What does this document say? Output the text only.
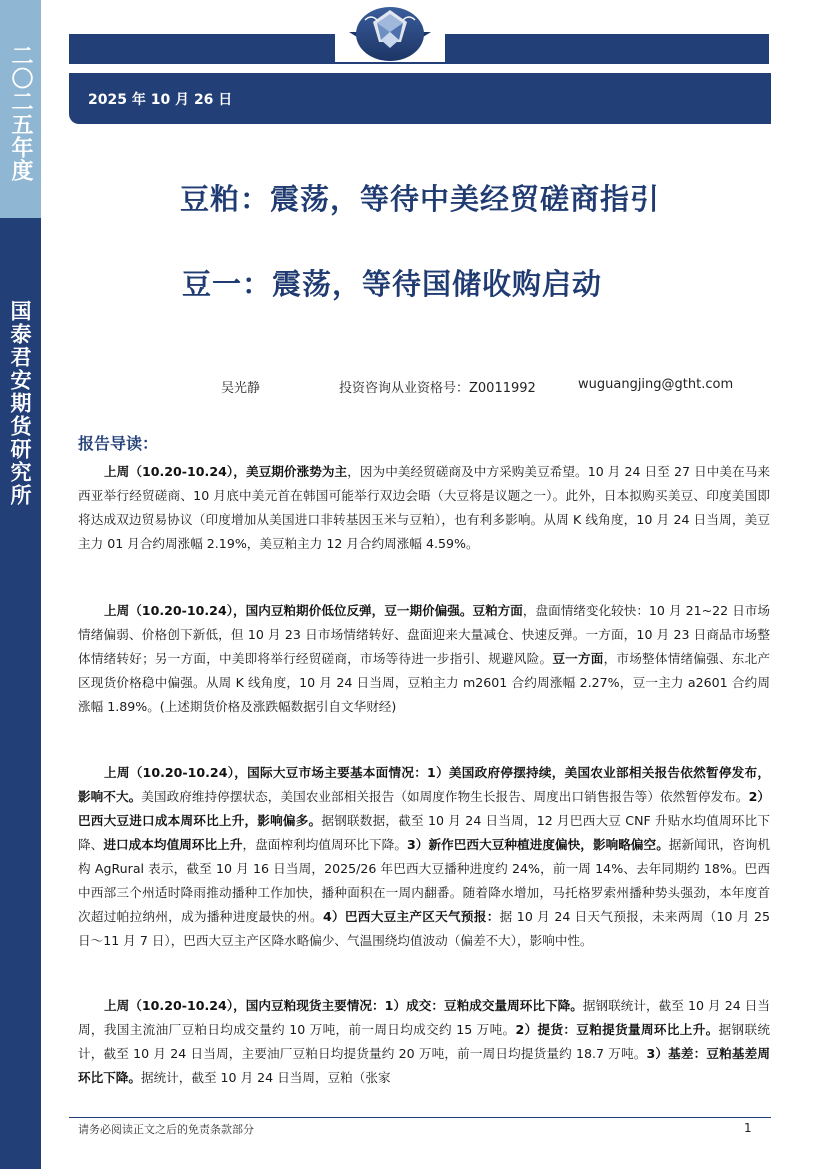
二〇二五年度
国泰君安期货研究所
2025 年 10 月 26 日
豆粕：震荡，等待中美经贸磋商指引
豆一：震荡，等待国储收购启动
吴光静	投资咨询从业资格号：Z0011992	wuguangjing@gtht.com
报告导读：

上周（10.20-10.24），美豆期价涨势为主，因为中美经贸磋商及中方采购美豆希望。10 月 24 日至 27 日中美在马来西亚举行经贸磋商、10 月底中美元首在韩国可能举行双边会晤（大豆将是议题之一）。此外，日本拟购买美豆、印度美国即将达成双边贸易协议（印度增加从美国进口非转基因玉米与豆粕），也有利多影响。从周 K 线角度，10 月 24 日当周，美豆主力 01 月合约周涨幅 2.19%，美豆粕主力 12 月合约周涨幅 4.59%。

上周（10.20-10.24），国内豆粕期价低位反弹，豆一期价偏强。豆粕方面，盘面情绪变化较快：10 月 21~22 日市场情绪偏弱、价格创下新低，但 10 月 23 日市场情绪转好、盘面迎来大量减仓、快速反弹。一方面，10 月 23 日商品市场整体情绪转好；另一方面，中美即将举行经贸磋商，市场等待进一步指引、规避风险。豆一方面，市场整体情绪偏强、东北产区现货价格稳中偏强。从周 K 线角度，10 月 24 日当周，豆粕主力 m2601 合约周涨幅 2.27%，豆一主力 a2601 合约周涨幅 1.89%。(上述期货价格及涨跌幅数据引自文华财经)

上周（10.20-10.24），国际大豆市场主要基本面情况：1）美国政府停摆持续，美国农业部相关报告依然暂停发布，影响不大。美国政府维持停摆状态，美国农业部相关报告（如周度作物生长报告、周度出口销售报告等）依然暂停发布。2）巴西大豆进口成本周环比上升，影响偏多。据钢联数据，截至 10 月 24 日当周，12 月巴西大豆 CNF 升贴水均值周环比下降、进口成本均值周环比上升，盘面榨利均值周环比下降。3）新作巴西大豆种植进度偏快，影响略偏空。据新闻讯，咨询机构 AgRural 表示，截至 10 月 16 日当周，2025/26 年巴西大豆播种进度约 24%，前一周 14%、去年同期约 18%。巴西中西部三个州适时降雨推动播种工作加快，播种面积在一周内翻番。随着降水增加，马托格罗索州播种势头强劲，本年度首次超过帕拉纳州，成为播种进度最快的州。4）巴西大豆主产区天气预报：据 10 月 24 日天气预报，未来两周（10 月 25 日～11 月 7 日），巴西大豆主产区降水略偏少、气温围绕均值波动（偏差不大），影响中性。

上周（10.20-10.24），国内豆粕现货主要情况：1）成交：豆粕成交量周环比下降。据钢联统计，截至 10 月 24 日当周，我国主流油厂豆粕日均成交量约 10 万吨，前一周日均成交约 15 万吨。2）提货：豆粕提货量周环比上升。据钢联统计，截至 10 月 24 日当周，主要油厂豆粕日均提货量约 20 万吨，前一周日均提货量约 18.7 万吨。3）基差：豆粕基差周环比下降。据统计，截至 10 月 24 日当周，豆粕（张家

请务必阅读正文之后的免责条款部分	1
